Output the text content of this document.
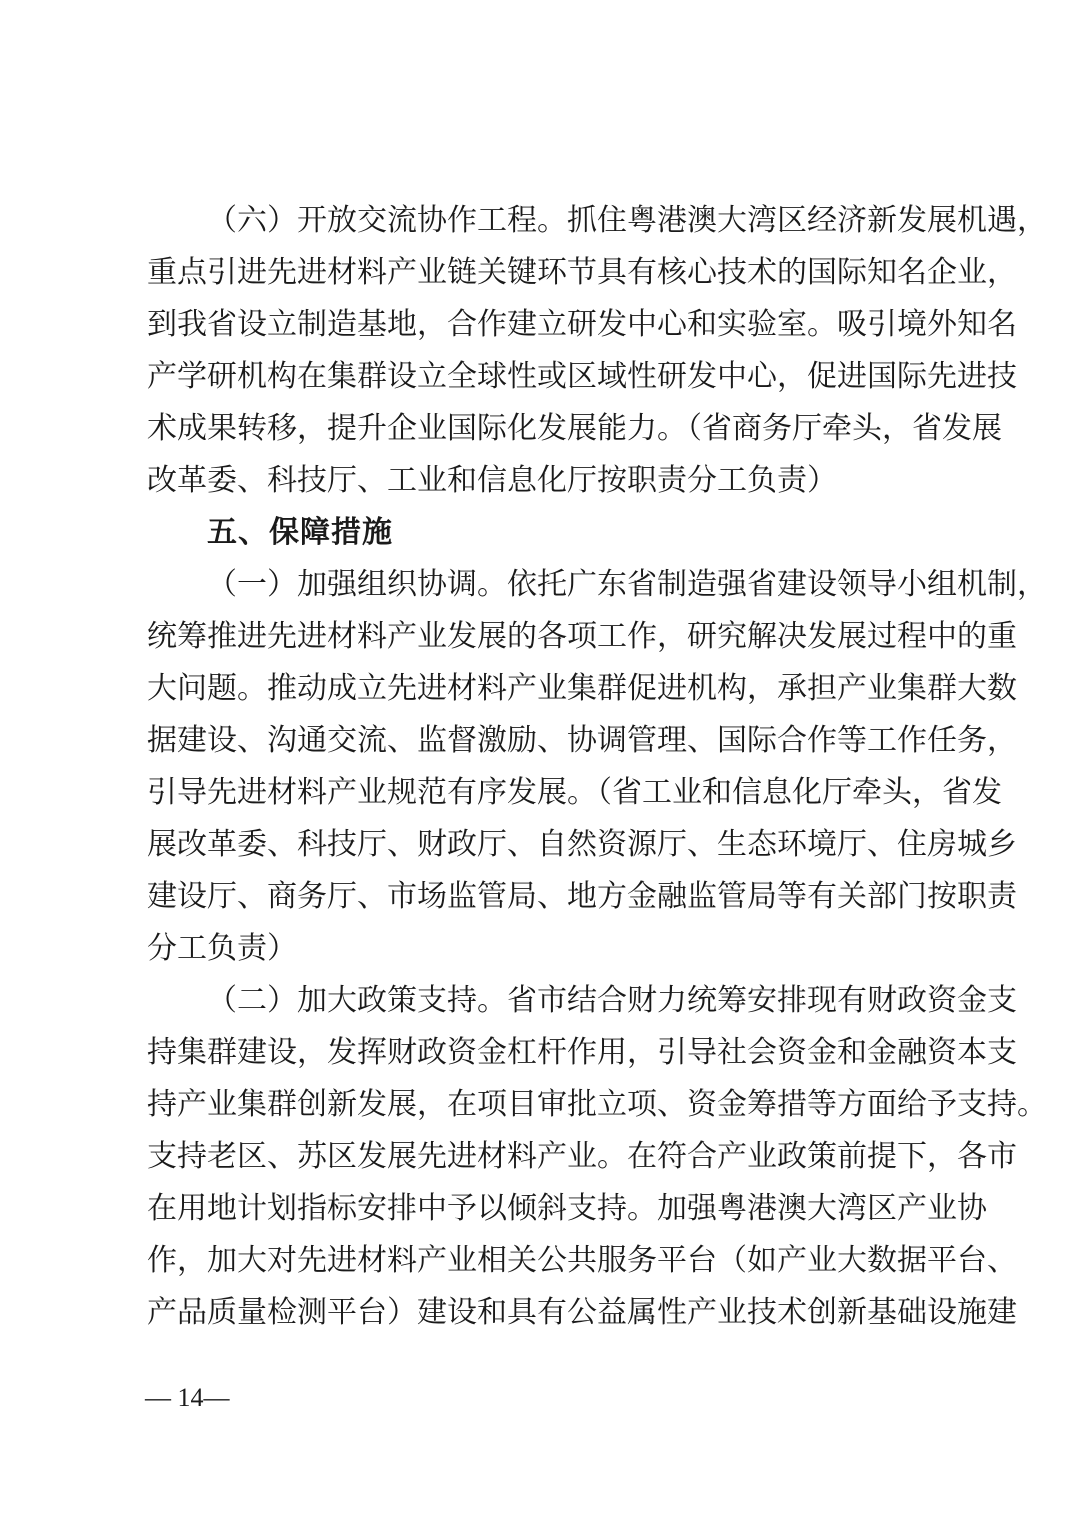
（六）开放交流协作工程。抓住粤港澳大湾区经济新发展机遇，
重点引进先进材料产业链关键环节具有核心技术的国际知名企业，
到我省设立制造基地，合作建立研发中心和实验室。吸引境外知名
产学研机构在集群设立全球性或区域性研发中心，促进国际先进技
术成果转移，提升企业国际化发展能力。（省商务厅牵头，省发展
改革委、科技厅、工业和信息化厅按职责分工负责）
五、保障措施
（一）加强组织协调。依托广东省制造强省建设领导小组机制，
统筹推进先进材料产业发展的各项工作，研究解决发展过程中的重
大问题。推动成立先进材料产业集群促进机构，承担产业集群大数
据建设、沟通交流、监督激励、协调管理、国际合作等工作任务，
引导先进材料产业规范有序发展。（省工业和信息化厅牵头，省发
展改革委、科技厅、财政厅、自然资源厅、生态环境厅、住房城乡
建设厅、商务厅、市场监管局、地方金融监管局等有关部门按职责
分工负责）
（二）加大政策支持。省市结合财力统筹安排现有财政资金支
持集群建设，发挥财政资金杠杆作用，引导社会资金和金融资本支
持产业集群创新发展，在项目审批立项、资金筹措等方面给予支持。
支持老区、苏区发展先进材料产业。在符合产业政策前提下，各市
在用地计划指标安排中予以倾斜支持。加强粤港澳大湾区产业协
作，加大对先进材料产业相关公共服务平台（如产业大数据平台、
产品质量检测平台）建设和具有公益属性产业技术创新基础设施建
— 14—
